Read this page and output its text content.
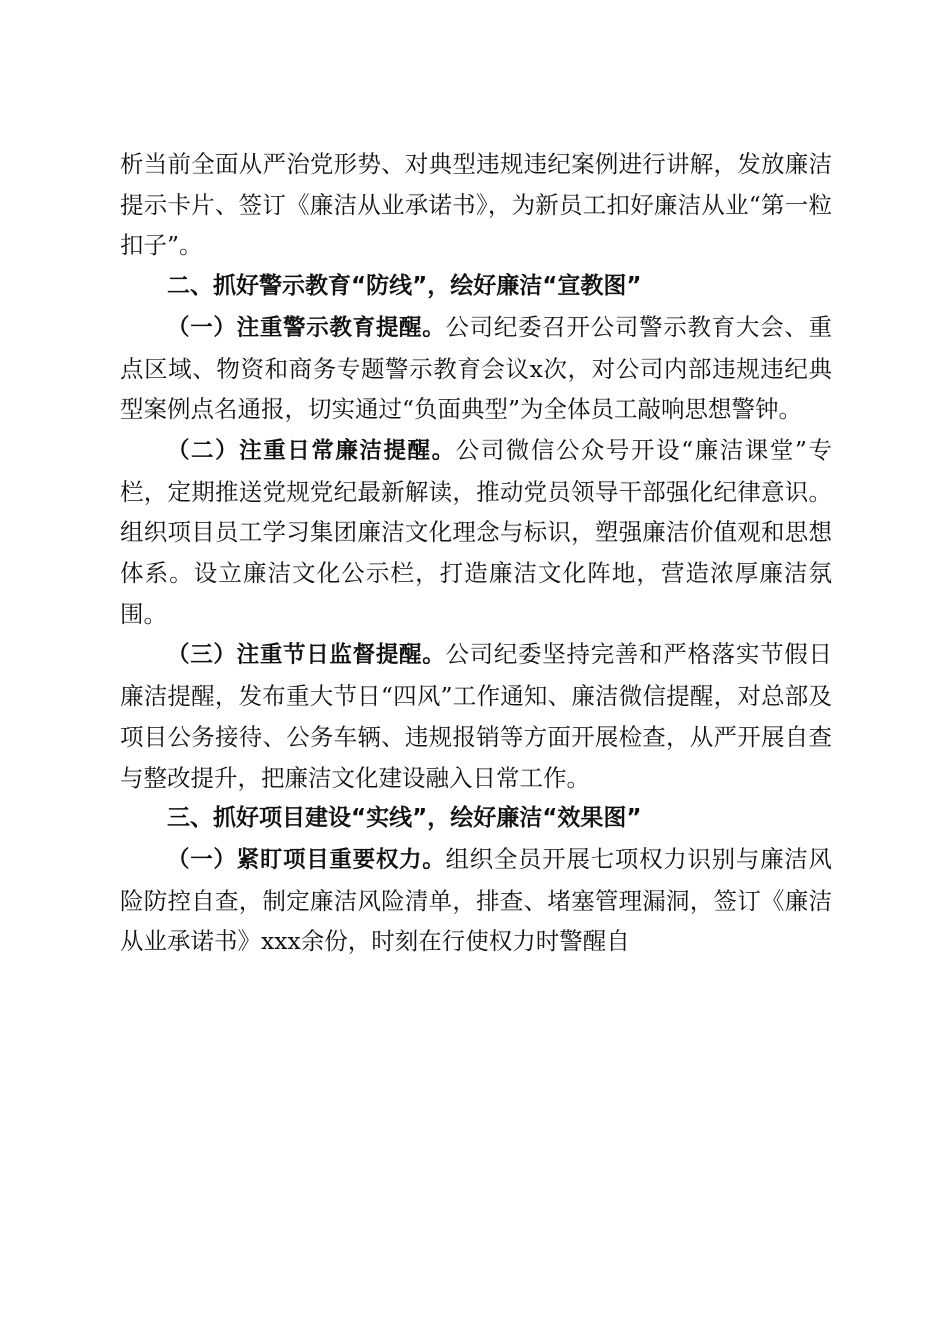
析当前全面从严治党形势、对典型违规违纪案例进行讲解，发放廉洁提示卡片、签订《廉洁从业承诺书》，为新员工扣好廉洁从业“第一粒扣子”。

二、抓好警示教育“防线”，绘好廉洁“宣教图”

（一）注重警示教育提醒。公司纪委召开公司警示教育大会、重点区域、物资和商务专题警示教育会议x次，对公司内部违规违纪典型案例点名通报，切实通过“负面典型”为全体员工敲响思想警钟。

（二）注重日常廉洁提醒。公司微信公众号开设“廉洁课堂”专栏，定期推送党规党纪最新解读，推动党员领导干部强化纪律意识。组织项目员工学习集团廉洁文化理念与标识，塑强廉洁价值观和思想体系。设立廉洁文化公示栏，打造廉洁文化阵地，营造浓厚廉洁氛围。

（三）注重节日监督提醒。公司纪委坚持完善和严格落实节假日廉洁提醒，发布重大节日“四风”工作通知、廉洁微信提醒，对总部及项目公务接待、公务车辆、违规报销等方面开展检查，从严开展自查与整改提升，把廉洁文化建设融入日常工作。

三、抓好项目建设“实线”，绘好廉洁“效果图”

（一）紧盯项目重要权力。组织全员开展七项权力识别与廉洁风险防控自查，制定廉洁风险清单，排查、堵塞管理漏洞，签订《廉洁从业承诺书》xxx余份，时刻在行使权力时警醒自
